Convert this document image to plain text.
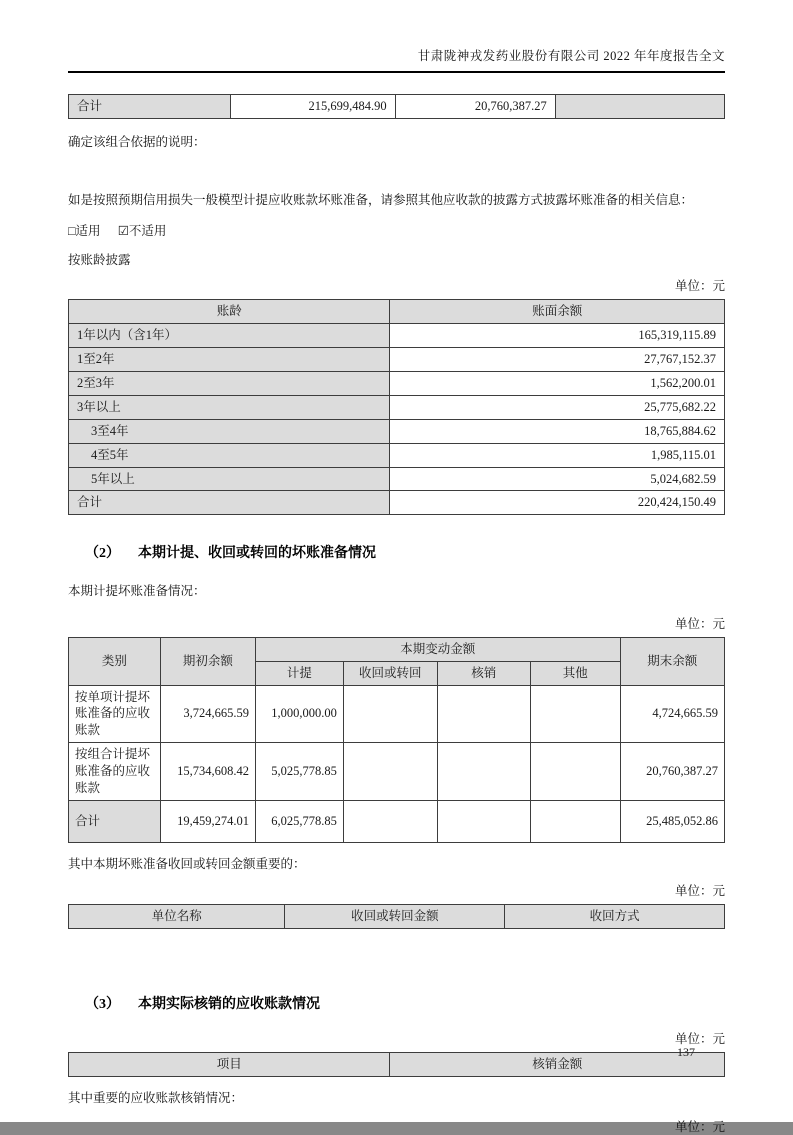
甘肃陇神戎发药业股份有限公司 2022 年年度报告全文
合计	215,699,484.90	20,760,387.27	

确定该组合依据的说明：

如是按照预期信用损失一般模型计提应收账款坏账准备，请参照其他应收款的披露方式披露坏账准备的相关信息：

□适用 ☑不适用

按账龄披露

单位：元
账龄	账面余额
1年以内（含1年）	165,319,115.89
1至2年	27,767,152.37
2至3年	1,562,200.01
3年以上	25,775,682.22
3至4年	18,765,884.62
4至5年	1,985,115.01
5年以上	5,024,682.59
合计	220,424,150.49
（2） 本期计提、收回或转回的坏账准备情况

本期计提坏账准备情况：

单位：元
类别	期初余额	本期变动金额				期末余额
		计提	收回或转回	核销	其他	
按单项计提坏账准备的应收账款	3,724,665.59	1,000,000.00				4,724,665.59
按组合计提坏账准备的应收账款	15,734,608.42	5,025,778.85				20,760,387.27
合计	19,459,274.01	6,025,778.85				25,485,052.86

其中本期坏账准备收回或转回金额重要的：

单位：元
单位名称	收回或转回金额	收回方式
（3） 本期实际核销的应收账款情况
单位：元
项目	核销金额

其中重要的应收账款核销情况：

单位：元
137
